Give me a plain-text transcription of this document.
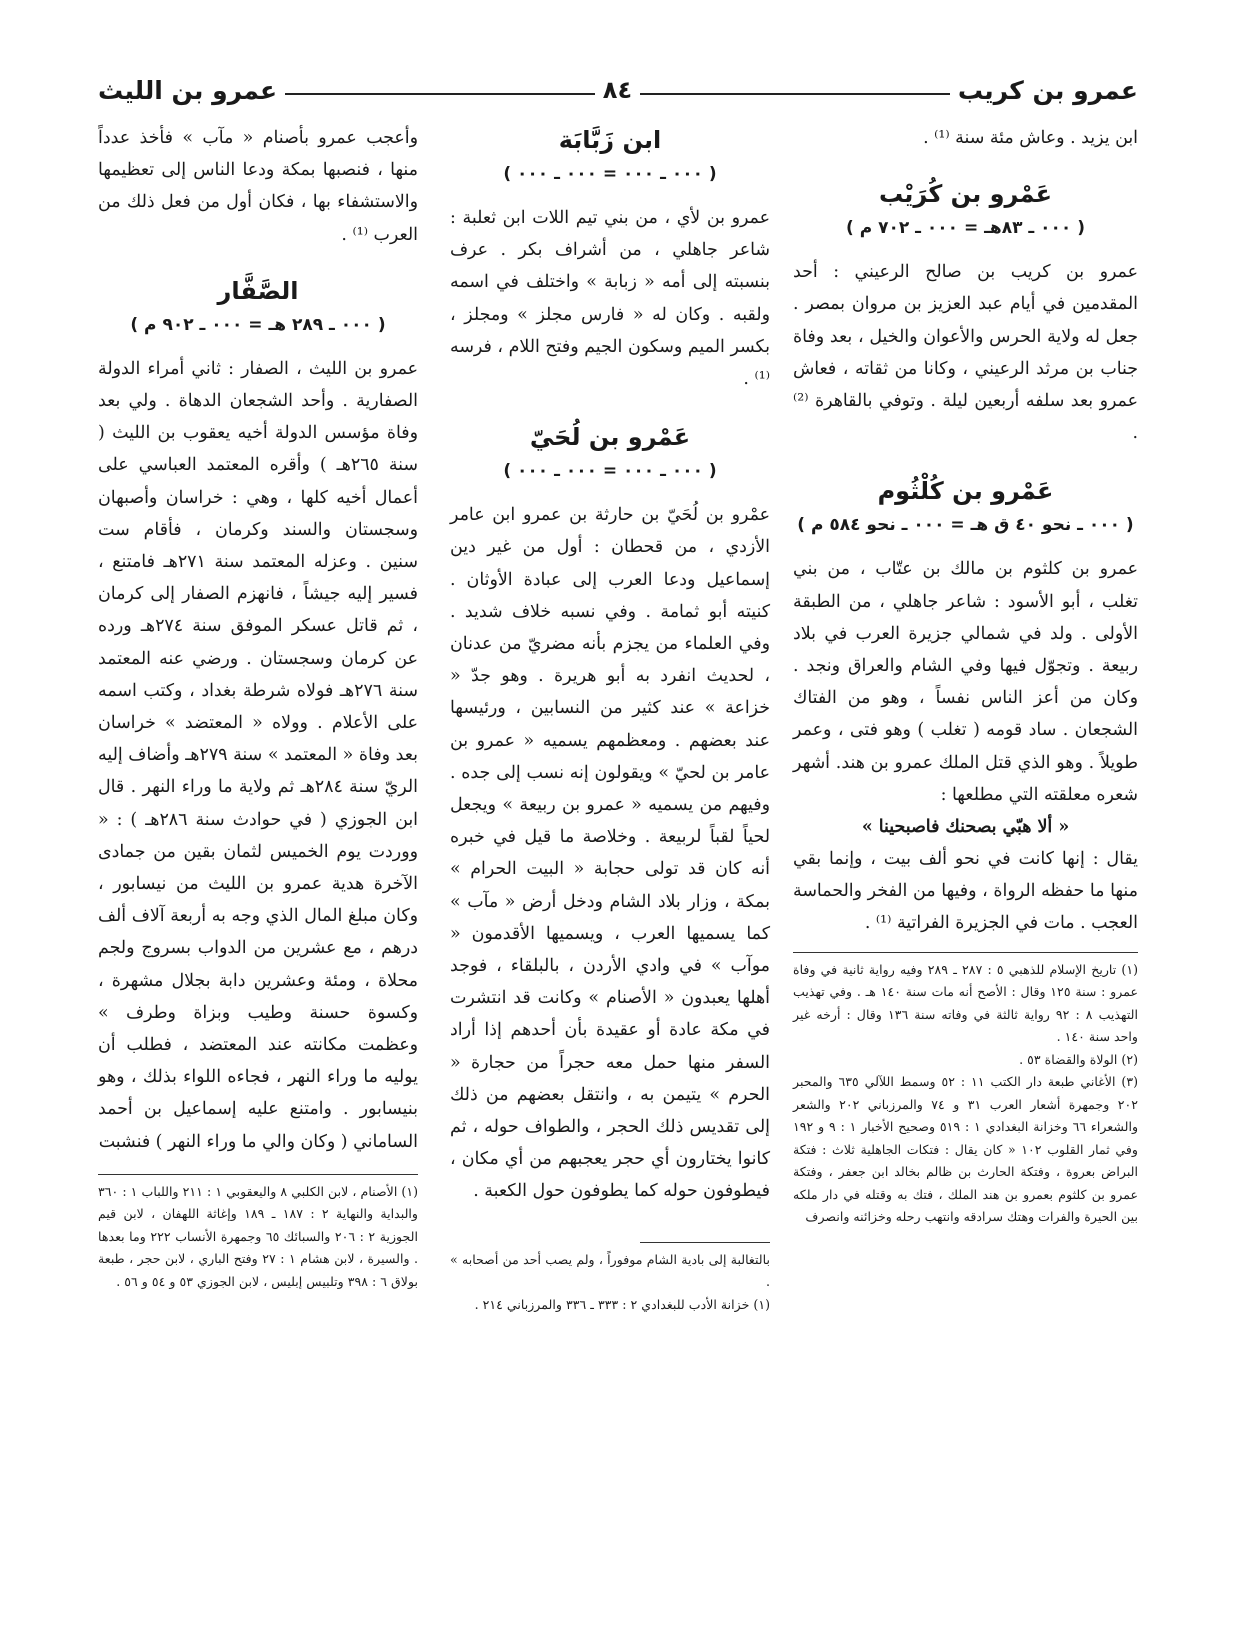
عمرو بن كريب
٨٤
عمرو بن الليث

ابن يزيد . وعاش مئة سنة ⁽¹⁾ .

عَمْرو بن كُرَيْب

( ٠٠٠ ـ ٨٣هـ = ٠٠٠ ـ ٧٠٢ م )

عمرو بن كريب بن صالح الرعيني : أحد المقدمين في أيام عبد العزيز بن مروان بمصر . جعل له ولاية الحرس والأعوان والخيل ، بعد وفاة جناب بن مرثد الرعيني ، وكانا من ثقاته ، فعاش عمرو بعد سلفه أربعين ليلة . وتوفي بالقاهرة ⁽²⁾ .

عَمْرو بن كُلْثُوم

( ٠٠٠ ـ نحو ٤٠ ق هـ = ٠٠٠ ـ نحو ٥٨٤ م )

عمرو بن كلثوم بن مالك بن عتّاب ، من بني تغلب ، أبو الأسود : شاعر جاهلي ، من الطبقة الأولى . ولد في شمالي جزيرة العرب في بلاد ربيعة . وتجوّل فيها وفي الشام والعراق ونجد . وكان من أعز الناس نفساً ، وهو من الفتاك الشجعان . ساد قومه ( تغلب ) وهو فتى ، وعمر طويلاً . وهو الذي قتل الملك عمرو بن هند. أشهر شعره معلقته التي مطلعها :

« ألا هبّي بصحنك فاصبحينا »

يقال : إنها كانت في نحو ألف بيت ، وإنما بقي منها ما حفظه الرواة ، وفيها من الفخر والحماسة العجب . مات في الجزيرة الفراتية ⁽¹⁾ .

(١) تاريخ الإسلام للذهبي ٥ : ٢٨٧ ـ ٢٨٩ وفيه رواية ثانية في وفاة عمرو : سنة ١٢٥ وقال : الأصح أنه مات سنة ١٤٠ هـ . وفي تهذيب التهذيب ٨ : ٩٢ رواية ثالثة في وفاته سنة ١٣٦ وقال : أرخه غير واحد سنة ١٤٠ .

(٢) الولاة والقضاة ٥٣ .

(٣) الأغاني طبعة دار الكتب ١١ : ٥٢ وسمط اللآلي ٦٣٥ والمحبر ٢٠٢ وجمهرة أشعار العرب ٣١ و ٧٤ والمرزباني ٢٠٢ والشعر والشعراء ٦٦ وخزانة البغدادي ١ : ٥١٩ وصحيح الأخبار ١ : ٩ و ١٩٢ وفي ثمار القلوب ١٠٢ « كان يقال : فتكات الجاهلية ثلاث : فتكة البراض بعروة ، وفتكة الحارث بن ظالم بخالد ابن جعفر ، وفتكة عمرو بن كلثوم بعمرو بن هند الملك ، فتك به وقتله في دار ملكه بين الحيرة والفرات وهتك سرادقه وانتهب رحله وخزائنه وانصرف

ابن زَبَّابَة

( ٠٠٠ ـ ٠٠٠ = ٠٠٠ ـ ٠٠٠ )

عمرو بن لأي ، من بني تيم اللات ابن ثعلبة : شاعر جاهلي ، من أشراف بكر . عرف بنسبته إلى أمه « زبابة » واختلف في اسمه ولقبه . وكان له « فارس مجلز » ومجلز ، بكسر الميم وسكون الجيم وفتح اللام ، فرسه ⁽¹⁾ .

عَمْرو بن لُحَيّ

( ٠٠٠ ـ ٠٠٠ = ٠٠٠ ـ ٠٠٠ )

عمْرو بن لُحَيّ بن حارثة بن عمرو ابن عامر الأزدي ، من قحطان : أول من غير دين إسماعيل ودعا العرب إلى عبادة الأوثان . كنيته أبو ثمامة . وفي نسبه خلاف شديد . وفي العلماء من يجزم بأنه مضريّ من عدنان ، لحديث انفرد به أبو هريرة . وهو جدّ « خزاعة » عند كثير من النسابين ، ورئيسها عند بعضهم . ومعظمهم يسميه « عمرو بن عامر بن لحيّ » ويقولون إنه نسب إلى جده . وفيهم من يسميه « عمرو بن ربيعة » ويجعل لحياً لقباً لربيعة . وخلاصة ما قيل في خبره أنه كان قد تولى حجابة « البيت الحرام » بمكة ، وزار بلاد الشام ودخل أرض « مآب » كما يسميها العرب ، ويسميها الأقدمون « موآب » في وادي الأردن ، بالبلقاء ، فوجد أهلها يعبدون « الأصنام » وكانت قد انتشرت في مكة عادة أو عقيدة بأن أحدهم إذا أراد السفر منها حمل معه حجراً من حجارة « الحرم » يتيمن به ، وانتقل بعضهم من ذلك إلى تقديس ذلك الحجر ، والطواف حوله ، ثم كانوا يختارون أي حجر يعجبهم من أي مكان ، فيطوفون حوله كما يطوفون حول الكعبة .

بالتغالبة إلى بادية الشام موفوراً ، ولم يصب أحد من أصحابه » .

(١) خزانة الأدب للبغدادي ٢ : ٣٣٣ ـ ٣٣٦ والمرزباني ٢١٤ .

وأعجب عمرو بأصنام « مآب » فأخذ عدداً منها ، فنصبها بمكة ودعا الناس إلى تعظيمها والاستشفاء بها ، فكان أول من فعل ذلك من العرب ⁽¹⁾ .

الصَّفَّار

( ٠٠٠ ـ ٢٨٩ هـ = ٠٠٠ ـ ٩٠٢ م )

عمرو بن الليث ، الصفار : ثاني أمراء الدولة الصفارية . وأحد الشجعان الدهاة . ولي بعد وفاة مؤسس الدولة أخيه يعقوب بن الليث ( سنة ٢٦٥هـ ) وأقره المعتمد العباسي على أعمال أخيه كلها ، وهي : خراسان وأصبهان وسجستان والسند وكرمان ، فأقام ست سنين . وعزله المعتمد سنة ٢٧١هـ فامتنع ، فسير إليه جيشاً ، فانهزم الصفار إلى كرمان ، ثم قاتل عسكر الموفق سنة ٢٧٤هـ ورده عن كرمان وسجستان . ورضي عنه المعتمد سنة ٢٧٦هـ فولاه شرطة بغداد ، وكتب اسمه على الأعلام . وولاه « المعتضد » خراسان بعد وفاة « المعتمد » سنة ٢٧٩هـ وأضاف إليه الريّ سنة ٢٨٤هـ ثم ولاية ما وراء النهر . قال ابن الجوزي ( في حوادث سنة ٢٨٦هـ ) : « ووردت يوم الخميس لثمان بقين من جمادى الآخرة هدية عمرو بن الليث من نيسابور ، وكان مبلغ المال الذي وجه به أربعة آلاف ألف درهم ، مع عشرين من الدواب بسروج ولجم محلاة ، ومئة وعشرين دابة بجلال مشهرة ، وكسوة حسنة وطيب وبزاة وطرف » وعظمت مكانته عند المعتضد ، فطلب أن يوليه ما وراء النهر ، فجاءه اللواء بذلك ، وهو بنيسابور . وامتنع عليه إسماعيل بن أحمد الساماني ( وكان والي ما وراء النهر ) فنشبت

(١) الأصنام ، لابن الكلبي ٨ واليعقوبي ١ : ٢١١ واللباب ١ : ٣٦٠ والبداية والنهاية ٢ : ١٨٧ ـ ١٨٩ وإغاثة اللهفان ، لابن قيم الجوزية ٢ : ٢٠٦ والسبائك ٦٥ وجمهرة الأنساب ٢٢٢ وما بعدها . والسيرة ، لابن هشام ١ : ٢٧ وفتح الباري ، لابن حجر ، طبعة بولاق ٦ : ٣٩٨ وتلبيس إبليس ، لابن الجوزي ٥٣ و ٥٤ و ٥٦ .
